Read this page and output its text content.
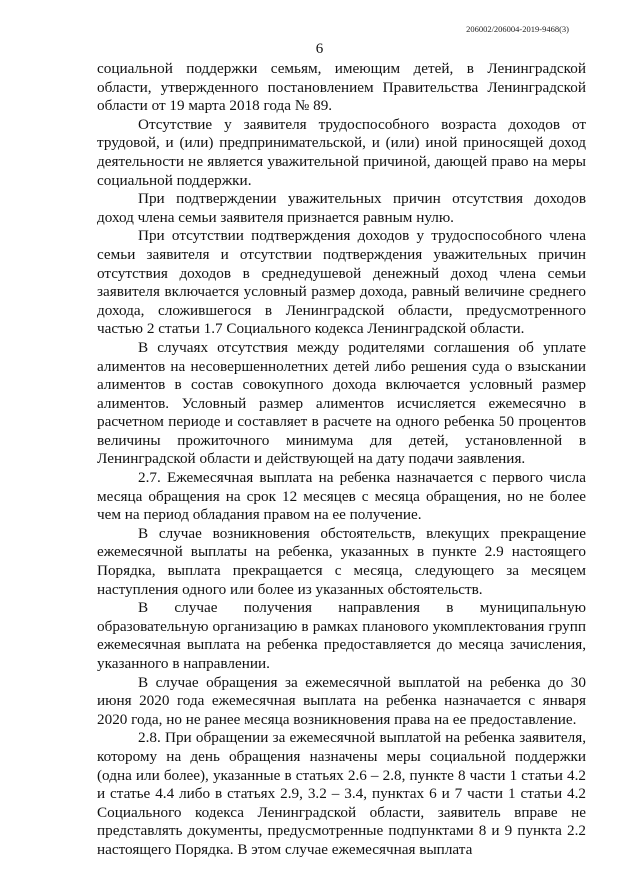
206002/206004-2019-9468(3)
6

социальной поддержки семьям, имеющим детей, в Ленинградской области, утвержденного постановлением Правительства Ленинградской области от 19 марта 2018 года № 89.

Отсутствие у заявителя трудоспособного возраста доходов от трудовой, и (или) предпринимательской, и (или) иной приносящей доход деятельности не является уважительной причиной, дающей право на меры социальной поддержки.

При подтверждении уважительных причин отсутствия доходов доход члена семьи заявителя признается равным нулю.

При отсутствии подтверждения доходов у трудоспособного члена семьи заявителя и отсутствии подтверждения уважительных причин отсутствия доходов в среднедушевой денежный доход члена семьи заявителя включается условный размер дохода, равный величине среднего дохода, сложившегося в Ленинградской области, предусмотренного частью 2 статьи 1.7 Социального кодекса Ленинградской области.

В случаях отсутствия между родителями соглашения об уплате алиментов на несовершеннолетних детей либо решения суда о взыскании алиментов в состав совокупного дохода включается условный размер алиментов. Условный размер алиментов исчисляется ежемесячно в расчетном периоде и составляет в расчете на одного ребенка 50 процентов величины прожиточного минимума для детей, установленной в Ленинградской области и действующей на дату подачи заявления.

2.7. Ежемесячная выплата на ребенка назначается с первого числа месяца обращения на срок 12 месяцев с месяца обращения, но не более чем на период обладания правом на ее получение.

В случае возникновения обстоятельств, влекущих прекращение ежемесячной выплаты на ребенка, указанных в пункте 2.9 настоящего Порядка, выплата прекращается с месяца, следующего за месяцем наступления одного или более из указанных обстоятельств.

В случае получения направления в муниципальную образовательную организацию в рамках планового укомплектования групп ежемесячная выплата на ребенка предоставляется до месяца зачисления, указанного в направлении.

В случае обращения за ежемесячной выплатой на ребенка до 30 июня 2020 года ежемесячная выплата на ребенка назначается с января 2020 года, но не ранее месяца возникновения права на ее предоставление.

2.8. При обращении за ежемесячной выплатой на ребенка заявителя, которому на день обращения назначены меры социальной поддержки (одна или более), указанные в статьях 2.6 – 2.8, пункте 8 части 1 статьи 4.2 и статье 4.4 либо в статьях 2.9, 3.2 – 3.4, пунктах 6 и 7 части 1 статьи 4.2 Социального кодекса Ленинградской области, заявитель вправе не представлять документы, предусмотренные подпунктами 8 и 9 пункта 2.2 настоящего Порядка. В этом случае ежемесячная выплата
